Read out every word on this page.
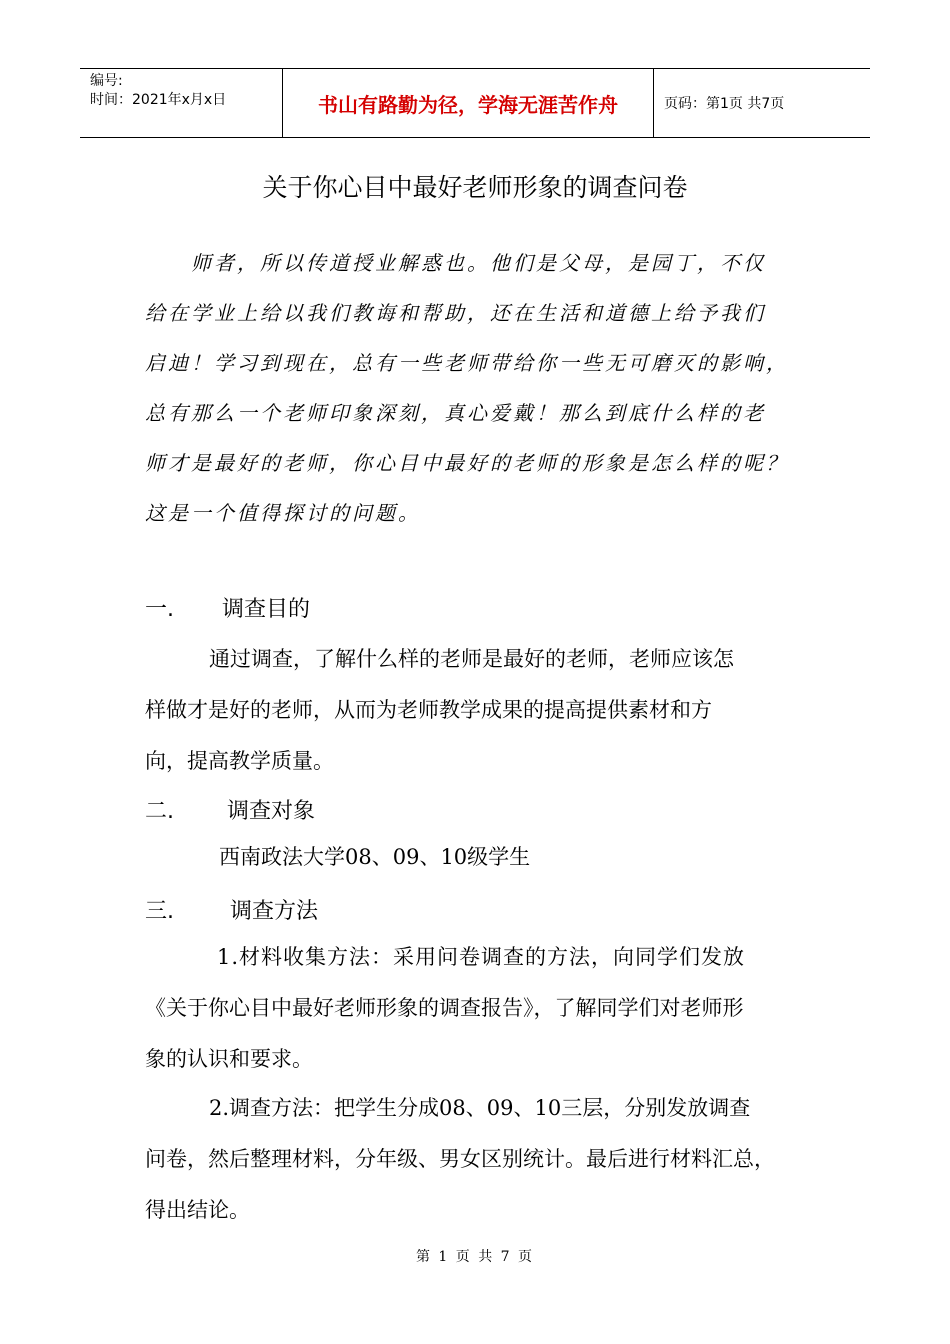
编号:
时间：2021年x月x日	书山有路勤为径，学海无涯苦作舟	页码：第1页 共7页
关于你心目中最好老师形象的调查问卷
师者，所以传道授业解惑也。他们是父母，是园丁，不仅
给在学业上给以我们教诲和帮助，还在生活和道德上给予我们
启迪！学习到现在，总有一些老师带给你一些无可磨灭的影响，
总有那么一个老师印象深刻，真心爱戴！那么到底什么样的老
师才是最好的老师，你心目中最好的老师的形象是怎么样的呢？
这是一个值得探讨的问题。
一. 调查目的
通过调查，了解什么样的老师是最好的老师，老师应该怎
样做才是好的老师，从而为老师教学成果的提高提供素材和方
向，提高教学质量。
二. 调查对象
西南政法大学08、09、10级学生
三.	调查方法
1.材料收集方法：采用问卷调查的方法，向同学们发放
《关于你心目中最好老师形象的调查报告》，了解同学们对老师形
象的认识和要求。
2.调查方法：把学生分成08、09、10三层，分别发放调查
问卷，然后整理材料，分年级、男女区别统计。最后进行材料汇总，
得出结论。
第 1 页 共 7 页
